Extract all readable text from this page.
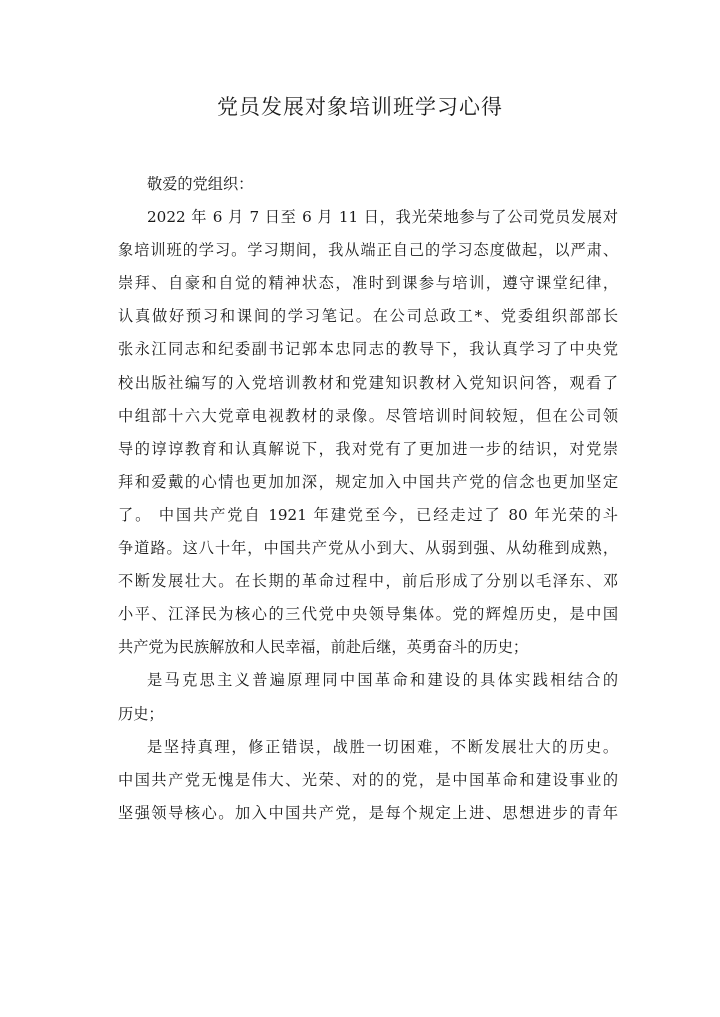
党员发展对象培训班学习心得
敬爱的党组织：
2022 年 6 月 7 日至 6 月 11 日，我光荣地参与了公司党员发展对
象培训班的学习。学习期间，我从端正自己的学习态度做起，以严肃、
崇拜、自豪和自觉的精神状态，准时到课参与培训，遵守课堂纪律，
认真做好预习和课间的学习笔记。在公司总政工*、党委组织部部长
张永江同志和纪委副书记郭本忠同志的教导下，我认真学习了中央党
校出版社编写的入党培训教材和党建知识教材入党知识问答，观看了
中组部十六大党章电视教材的录像。尽管培训时间较短，但在公司领
导的谆谆教育和认真解说下，我对党有了更加进一步的结识，对党崇
拜和爱戴的心情也更加加深，规定加入中国共产党的信念也更加坚定
了。 中国共产党自 1921 年建党至今，已经走过了 80 年光荣的斗
争道路。这八十年，中国共产党从小到大、从弱到强、从幼稚到成熟，
不断发展壮大。在长期的革命过程中，前后形成了分别以毛泽东、邓
小平、江泽民为核心的三代党中央领导集体。党的辉煌历史，是中国
共产党为民族解放和人民幸福，前赴后继，英勇奋斗的历史；
是马克思主义普遍原理同中国革命和建设的具体实践相结合的
历史；
是坚持真理，修正错误，战胜一切困难，不断发展壮大的历史。
中国共产党无愧是伟大、光荣、对的的党，是中国革命和建设事业的
坚强领导核心。加入中国共产党，是每个规定上进、思想进步的青年
